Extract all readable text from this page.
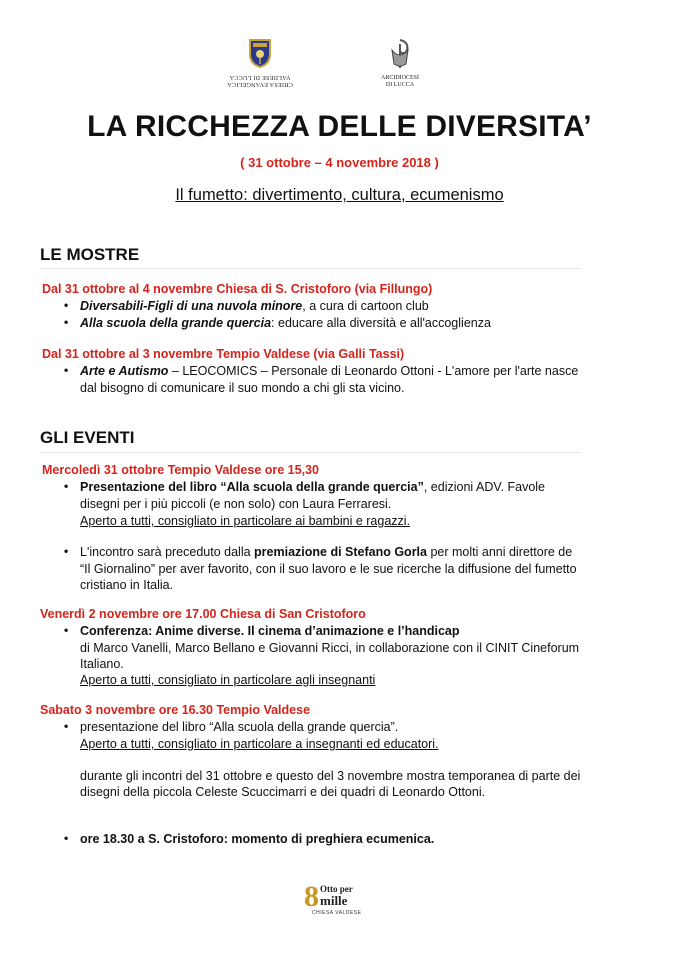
CHIESA EVANGELICA VALDESE DI LUCCA	ARCIDIOCESI
DI LUCCA
LA RICCHEZZA DELLE DIVERSITA’
( 31 ottobre – 4 novembre 2018 )
Il fumetto: divertimento, cultura, ecumenismo
LE MOSTRE
Dal 31 ottobre al 4 novembre Chiesa di S. Cristoforo (via Fillungo)
• Diversabili-Figli di una nuvola minore, a cura di cartoon club
• Alla scuola della grande quercia: educare alla diversità e all'accoglienza
Dal 31 ottobre al 3 novembre Tempio Valdese (via Galli Tassi)
• Arte e Autismo – LEOCOMICS – Personale di Leonardo Ottoni - L'amore per l'arte nasce
dal bisogno di comunicare il suo mondo a chi gli sta vicino.
GLI EVENTI
Mercoledì 31 ottobre Tempio Valdese ore 15,30
• Presentazione del libro “Alla scuola della grande quercia”, edizioni ADV. Favole
disegni per i più piccoli (e non solo) con Laura Ferraresi.
Aperto a tutti, consigliato in particolare ai bambini e ragazzi.
• L'incontro sarà preceduto dalla premiazione di Stefano Gorla per molti anni direttore de
“Il Giornalino” per aver favorito, con il suo lavoro e le sue ricerche la diffusione del fumetto
cristiano in Italia.
Venerdì 2 novembre ore 17.00 Chiesa di San Cristoforo
• Conferenza: Anime diverse. Il cinema d’animazione e l’handicap
di Marco Vanelli, Marco Bellano e Giovanni Ricci, in collaborazione con il CINIT Cineforum
Italiano.
Aperto a tutti, consigliato in particolare agli insegnanti
Sabato 3 novembre ore 16.30 Tempio Valdese
• presentazione del libro “Alla scuola della grande quercia”.
Aperto a tutti, consigliato in particolare a insegnanti ed educatori.
durante gli incontri del 31 ottobre e questo del 3 novembre mostra temporanea di parte dei
disegni della piccola Celeste Scuccimarri e dei quadri di Leonardo Ottoni.
• ore 18.30 a S. Cristoforo: momento di preghiera ecumenica.
8 Otto per
mille
CHIESA VALDESE
